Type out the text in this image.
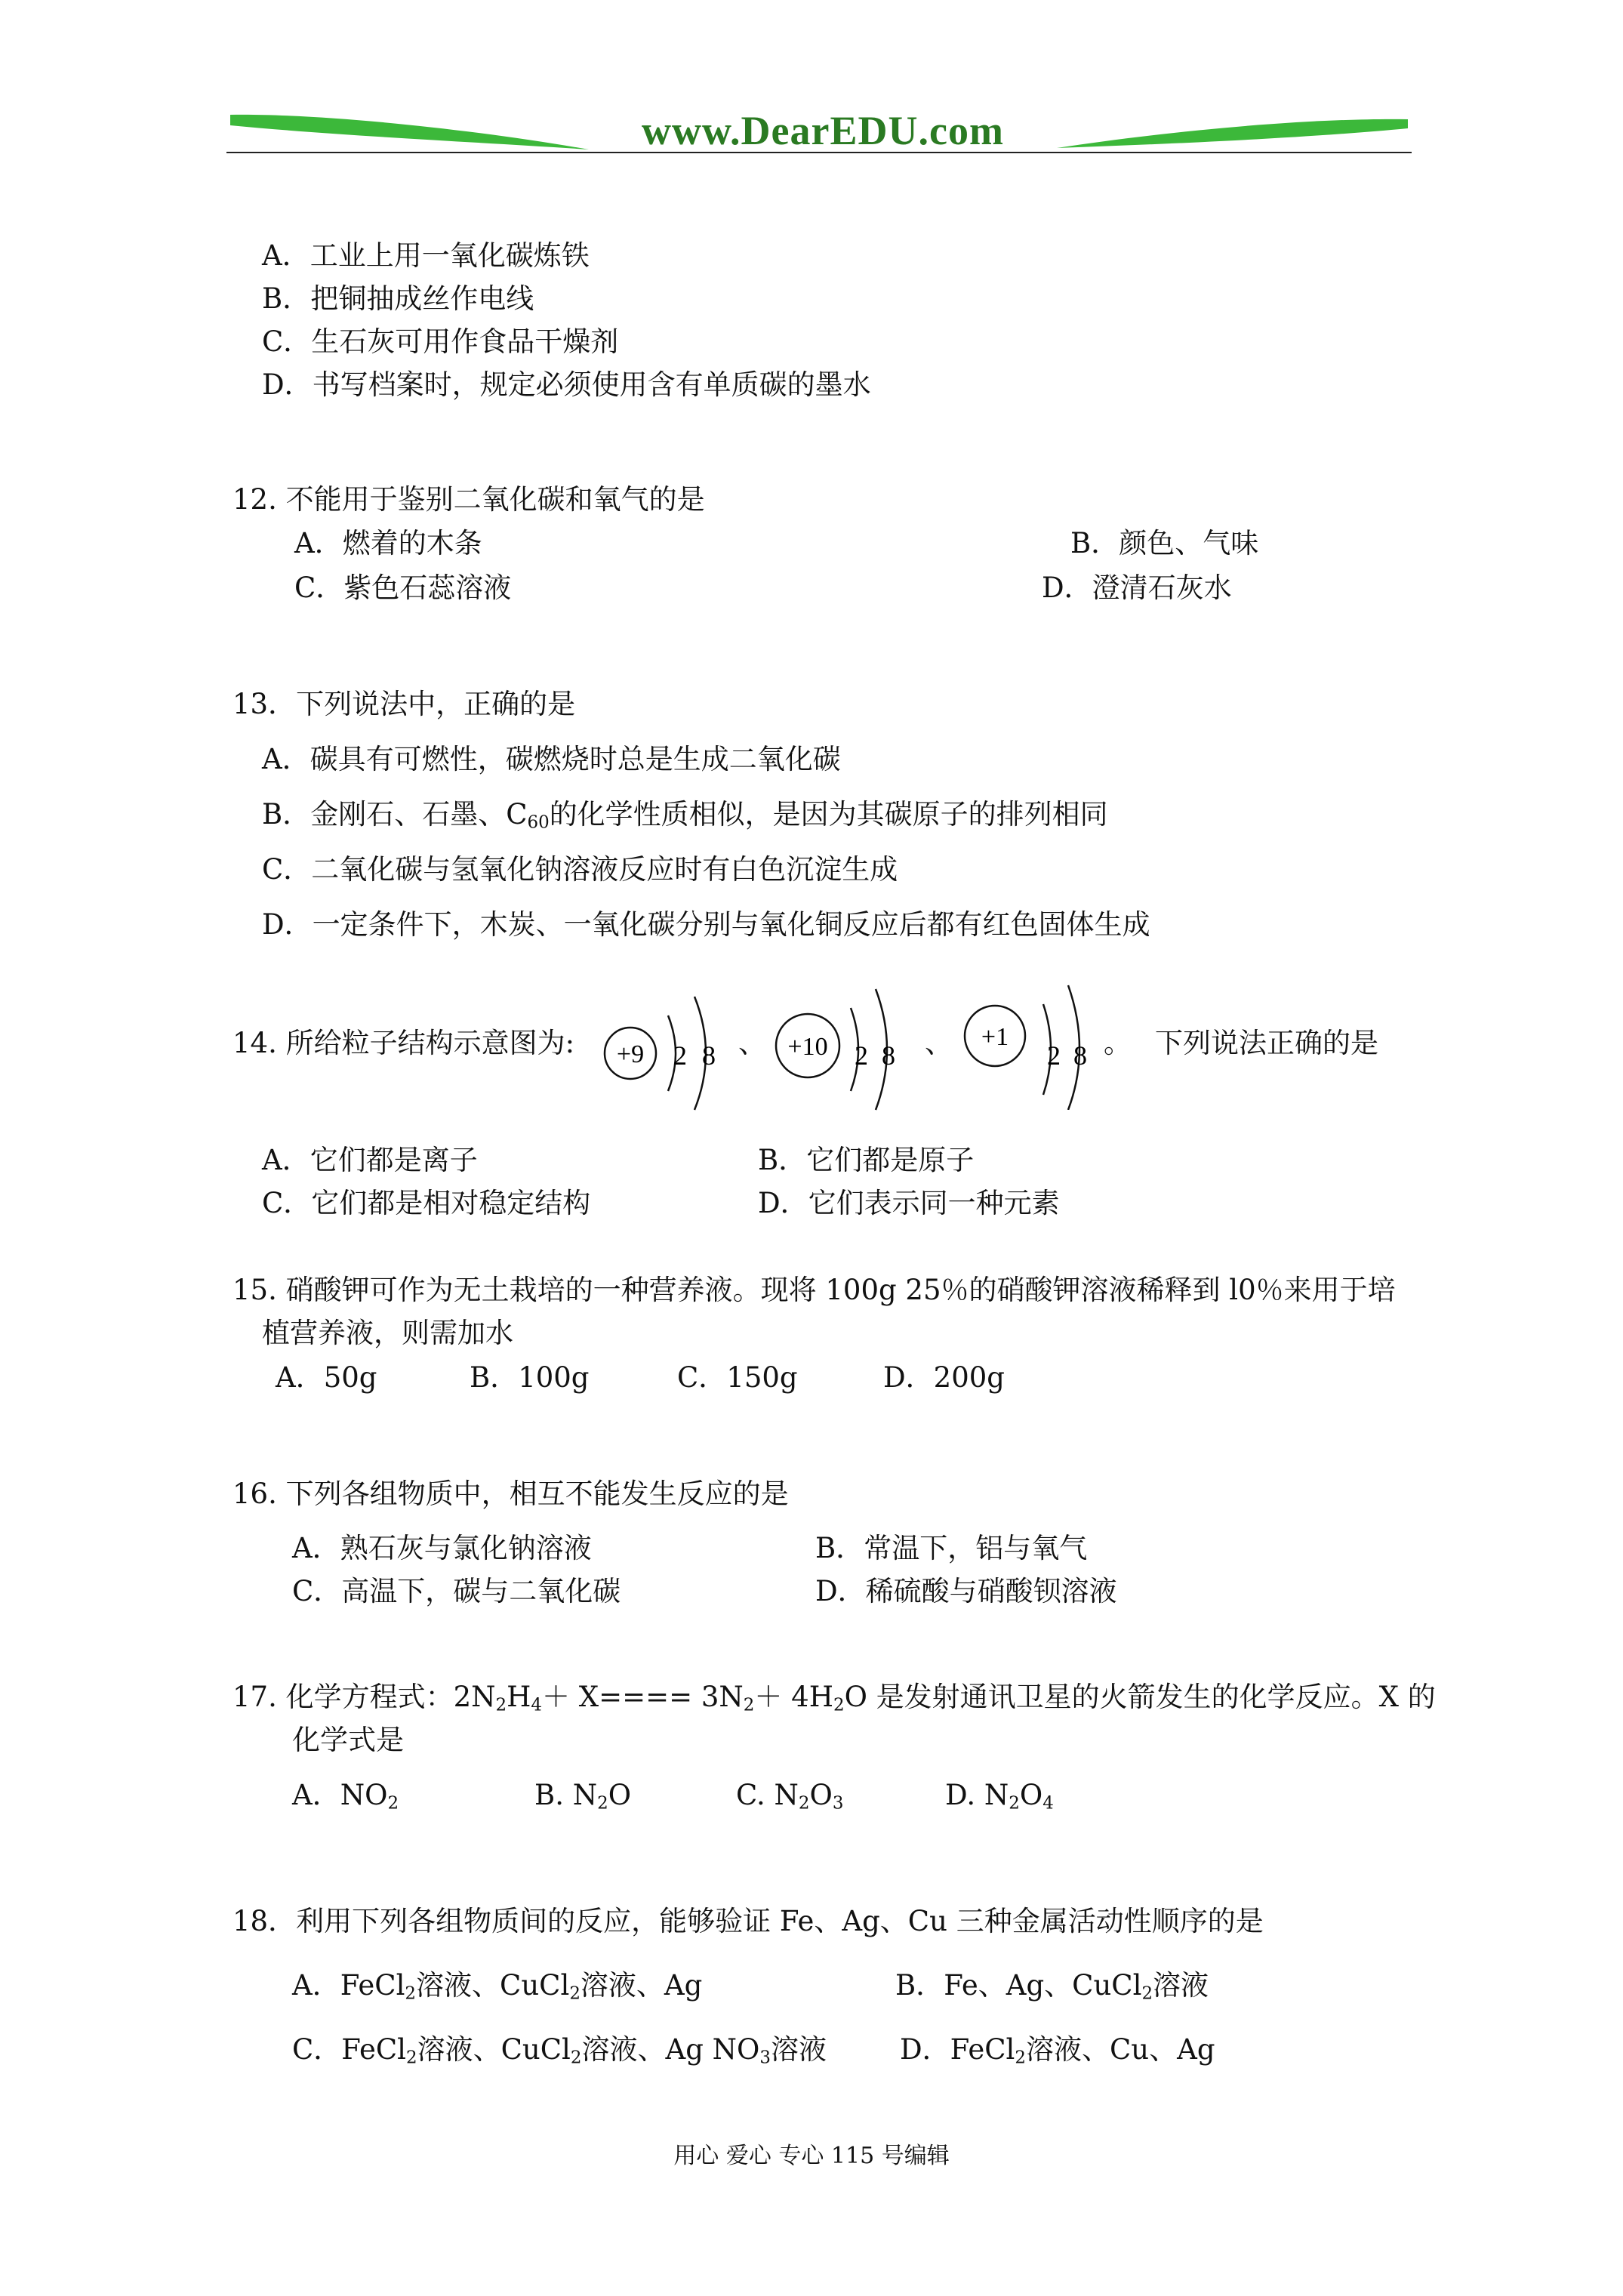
www.DearEDU.com
A．工业上用一氧化碳炼铁
B．把铜抽成丝作电线
C．生石灰可用作食品干燥剂
D．书写档案时，规定必须使用含有单质碳的墨水
12. 不能用于鉴别二氧化碳和氧气的是
A．燃着的木条	B．颜色、气味
C．紫色石蕊溶液	D．澄清石灰水
13．下列说法中，正确的是
A．碳具有可燃性，碳燃烧时总是生成二氧化碳
B．金刚石、石墨、$C_{60}$的化学性质相似，是因为其碳原子的排列相同
C．二氧化碳与氢氧化钠溶液反应时有白色沉淀生成
D．一定条件下，木炭、一氧化碳分别与氧化铜反应后都有红色固体生成
14. 所给粒子结构示意图为: +9 2 8 、 +10 2 8 、 +1
2 8 。 下列说法正确的是
A．它们都是离子	B．它们都是原子
C．它们都是相对稳定结构	D．它们表示同一种元素
15. 硝酸钾可作为无土栽培的一种营养液。现将 100g 25％的硝酸钾溶液稀释到 l0％来用于培
植营养液，则需加水
A．50g	B．100g	C．150g	D．200g
16. 下列各组物质中，相互不能发生反应的是
A．熟石灰与氯化钠溶液	B．常温下，铝与氧气
C．高温下，碳与二氧化碳	D．稀硫酸与硝酸钡溶液
17. 化学方程式：$2N_2H_4+ X==== 3N_2+ 4H_2O$ 是发射通讯卫星的火箭发生的化学反应。X 的
化学式是
A．$NO_2$	B. $N_2O$	C. $N_2O_3$	D. $N_2O_4$
18．利用下列各组物质间的反应，能够验证 Fe、Ag、Cu 三种金属活动性顺序的是
A．FeCl$_2$溶液、CuCl$_2$溶液、Ag	B．Fe、Ag、CuCl$_2$溶液
C．FeCl$_2$溶液、CuCl$_2$溶液、Ag $NO_3$溶液	D．FeCl$_2$溶液、Cu、Ag
用心 爱心 专心 115 号编辑
